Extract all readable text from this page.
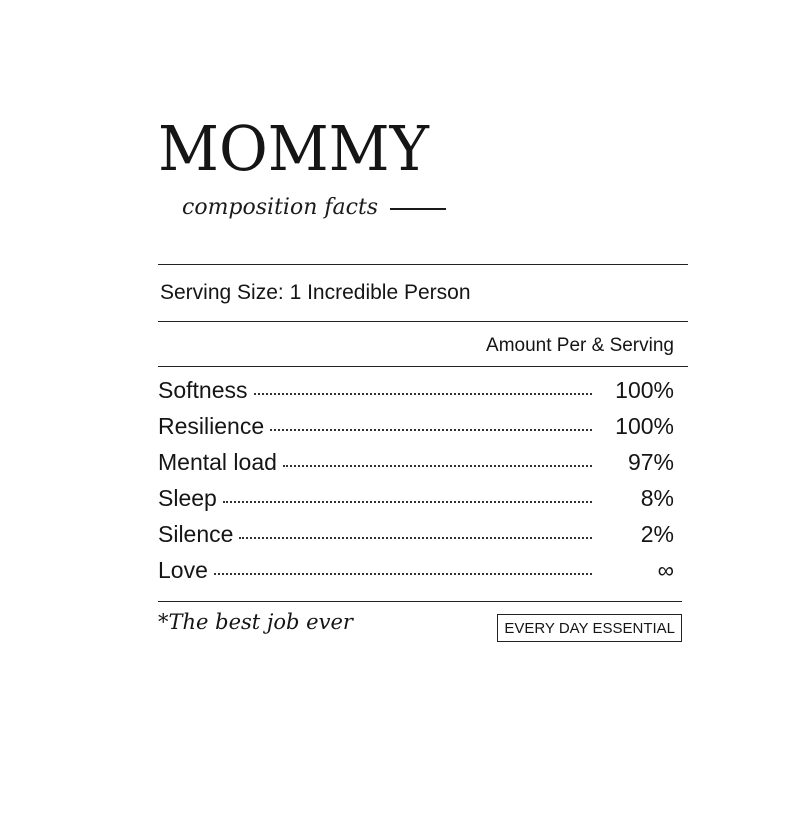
MOMMY
composition facts
Serving Size: 1 Incredible Person
Amount Per & Serving
Softness	100%
Resilience	100%
Mental load	97%
Sleep	8%
Silence	2%
Love	∞
*The best job ever	EVERY DAY ESSENTIAL
